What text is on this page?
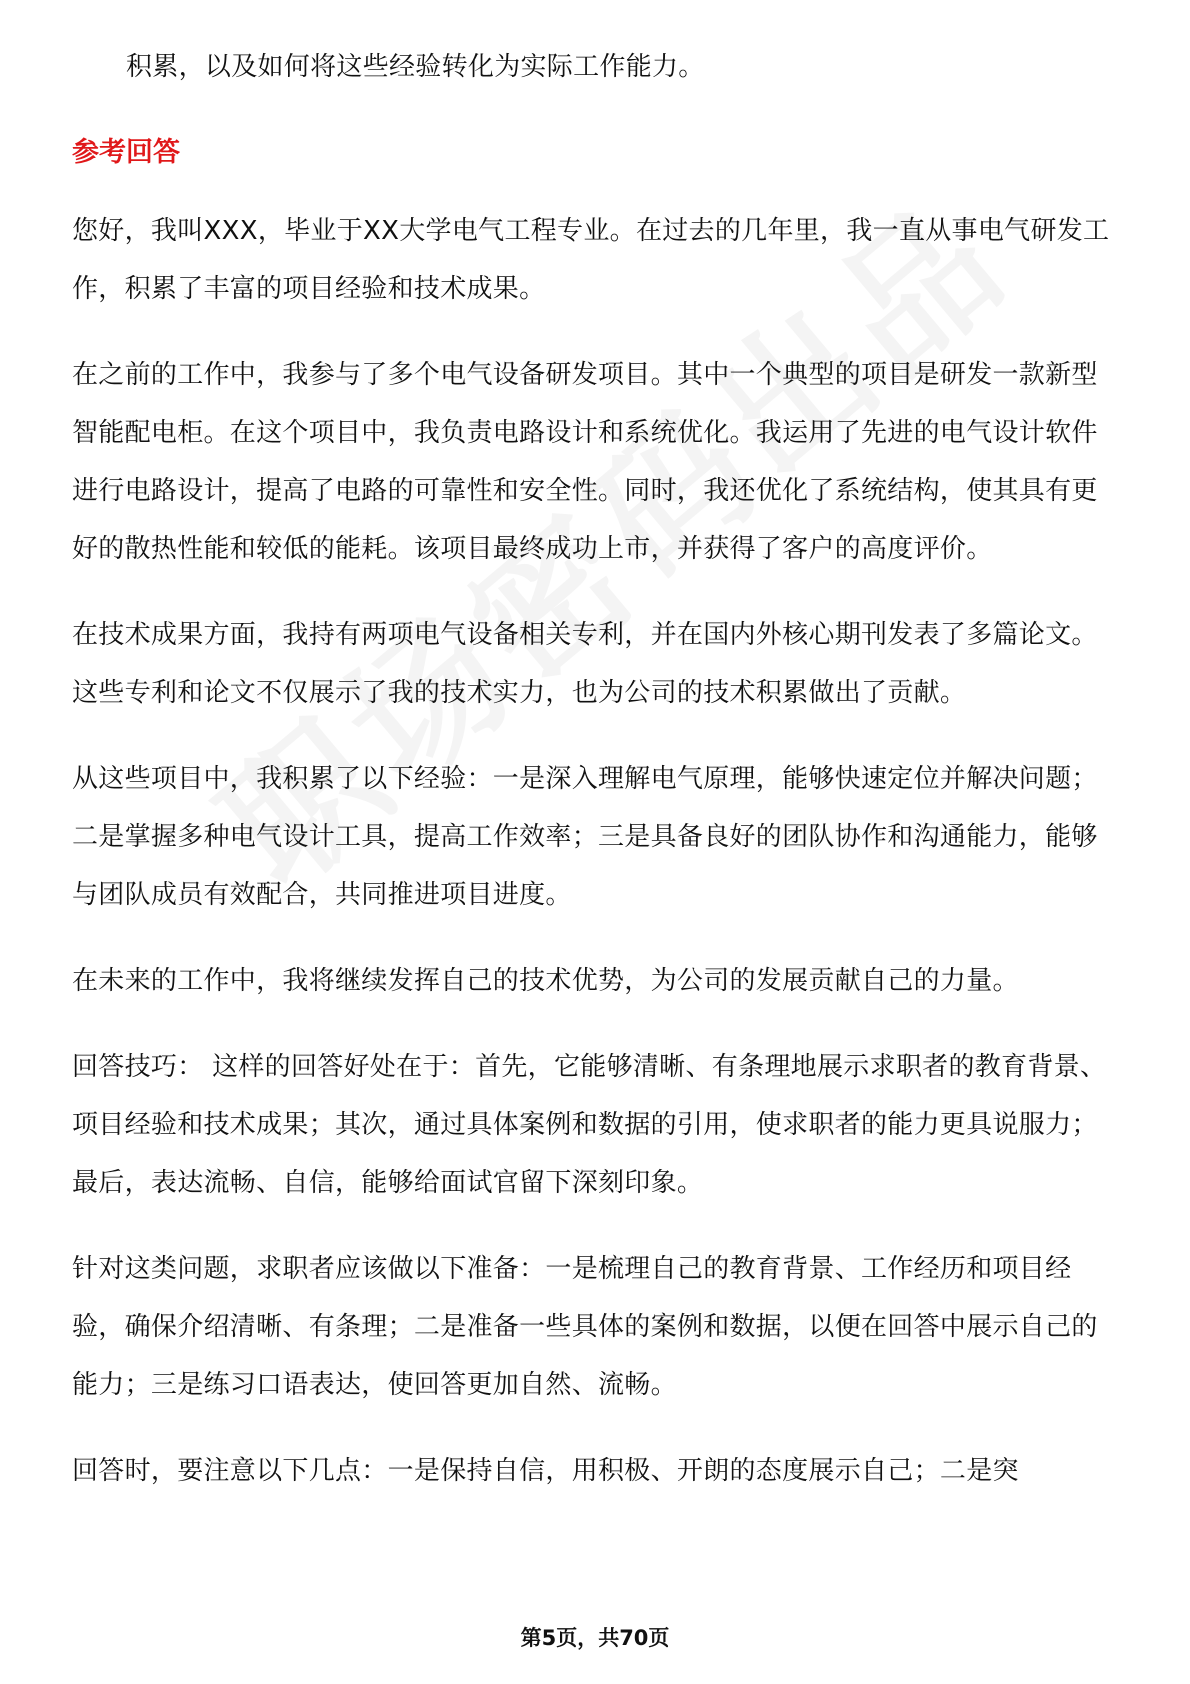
积累，以及如何将这些经验转化为实际工作能力。

参考回答

您好，我叫XXX，毕业于XX大学电气工程专业。在过去的几年里，我一直从事电气研发工作，积累了丰富的项目经验和技术成果。

在之前的工作中，我参与了多个电气设备研发项目。其中一个典型的项目是研发一款新型智能配电柜。在这个项目中，我负责电路设计和系统优化。我运用了先进的电气设计软件进行电路设计，提高了电路的可靠性和安全性。同时，我还优化了系统结构，使其具有更好的散热性能和较低的能耗。该项目最终成功上市，并获得了客户的高度评价。

在技术成果方面，我持有两项电气设备相关专利，并在国内外核心期刊发表了多篇论文。这些专利和论文不仅展示了我的技术实力，也为公司的技术积累做出了贡献。

从这些项目中，我积累了以下经验：一是深入理解电气原理，能够快速定位并解决问题；二是掌握多种电气设计工具，提高工作效率；三是具备良好的团队协作和沟通能力，能够与团队成员有效配合，共同推进项目进度。

在未来的工作中，我将继续发挥自己的技术优势，为公司的发展贡献自己的力量。

回答技巧： 这样的回答好处在于：首先，它能够清晰、有条理地展示求职者的教育背景、项目经验和技术成果；其次，通过具体案例和数据的引用，使求职者的能力更具说服力；最后，表达流畅、自信，能够给面试官留下深刻印象。

针对这类问题，求职者应该做以下准备：一是梳理自己的教育背景、工作经历和项目经验，确保介绍清晰、有条理；二是准备一些具体的案例和数据，以便在回答中展示自己的能力；三是练习口语表达，使回答更加自然、流畅。

回答时，要注意以下几点：一是保持自信，用积极、开朗的态度展示自己；二是突

第5页，共70页
